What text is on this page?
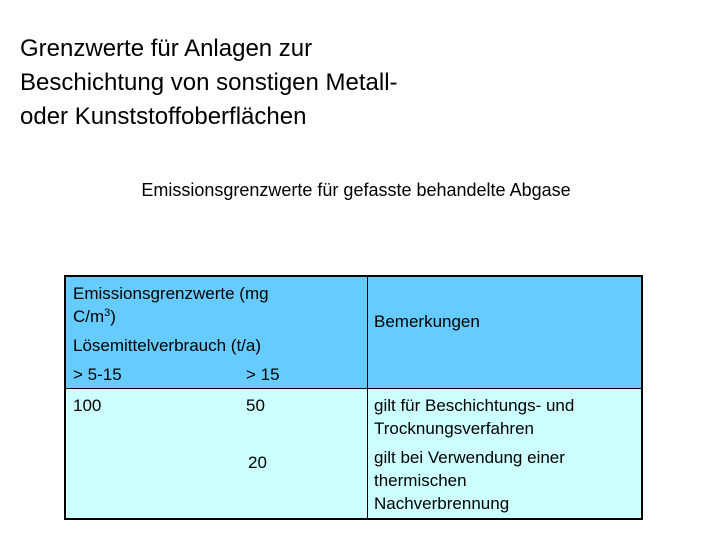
Grenzwerte für Anlagen zur
Beschichtung von sonstigen Metall-
oder Kunststoffoberflächen
Emissionsgrenzwerte für gefasste behandelte Abgase
Emissionsgrenzwerte (mg
$C/m^3$)
Lösemittelverbrauch (t/a)
> 5-15	> 15
Bemerkungen
100	50
20
gilt für Beschichtungs- und Trocknungsverfahren
gilt bei Verwendung einer thermischen Nachverbrennung
